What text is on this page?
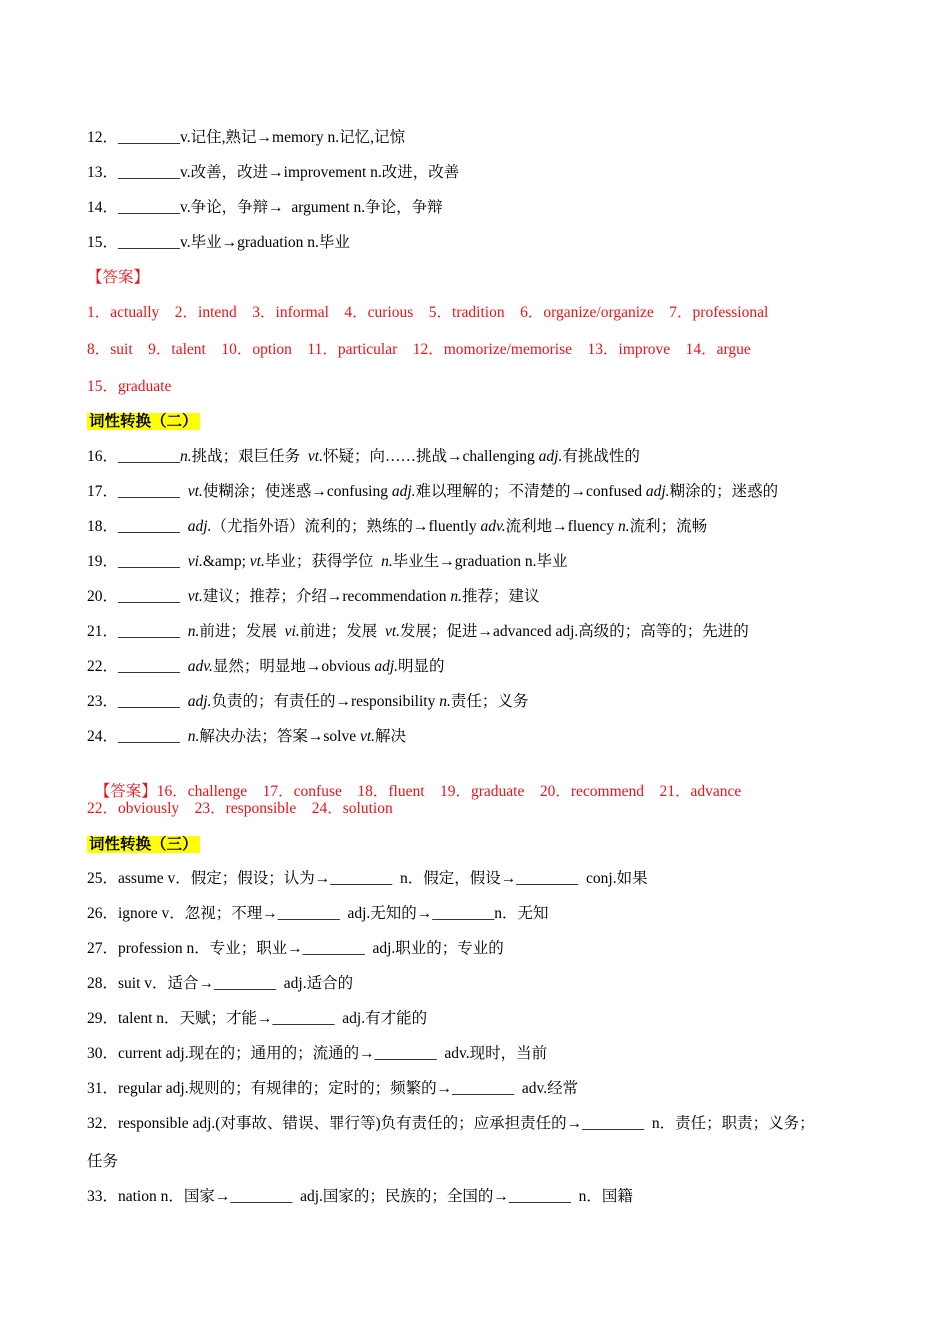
12．________v.记住,熟记→memory n.记忆,记惊
13．________v.改善，改进→improvement n.改进，改善
14．________v.争论，争辩→  argument n.争论，争辩
15．________v.毕业→graduation n.毕业
【答案】
1．actually    2．intend    3．informal    4．curious    5．tradition    6．organize/organize    7．professional
8．suit    9．talent    10．option    11．particular    12．momorize/memorise    13．improve    14．argue
15．graduate
词性转换（二）
16．________n.挑战；艰巨任务  vt.怀疑；向……挑战→challenging adj.有挑战性的
17．________ vt.使糊涂；使迷惑→confusing adj.难以理解的；不清楚的→confused adj.糊涂的；迷惑的
18．________ adj.（尤指外语）流利的；熟练的→fluently adv.流利地→fluency n.流利；流畅
19．________ vi.&amp; vt.毕业；获得学位  n.毕业生→graduation n.毕业
20．________ vt.建议；推荐；介绍→recommendation n.推荐；建议
21．________ n.前进；发展  vi.前进；发展  vt.发展；促进→advanced adj.高级的；高等的；先进的
22．________ adv.显然；明显地→obvious adj.明显的
23．________ adj.负责的；有责任的→responsibility n.责任；义务
24．________ n.解决办法；答案→solve vt.解决

【答案】16．challenge    17．confuse    18．fluent    19．graduate    20．recommend    21．advance

22．obviously    23．responsible    24．solution
词性转换（三）
25．assume v．假定；假设；认为→________  n．假定，假设→________  conj.如果
26．ignore v．忽视；不理→________  adj.无知的→________n．无知
27．profession n．专业；职业→________  adj.职业的；专业的
28．suit v．适合→________  adj.适合的
29．talent n．天赋；才能→________  adj.有才能的
30．current adj.现在的；通用的；流通的→________  adv.现时，当前
31．regular adj.规则的；有规律的；定时的；频繁的→________  adv.经常
32．responsible adj.(对事故、错误、罪行等)负有责任的；应承担责任的→________  n．责任；职责；义务；
任务
33．nation n．国家→________  adj.国家的；民族的；全国的→________  n．国籍
